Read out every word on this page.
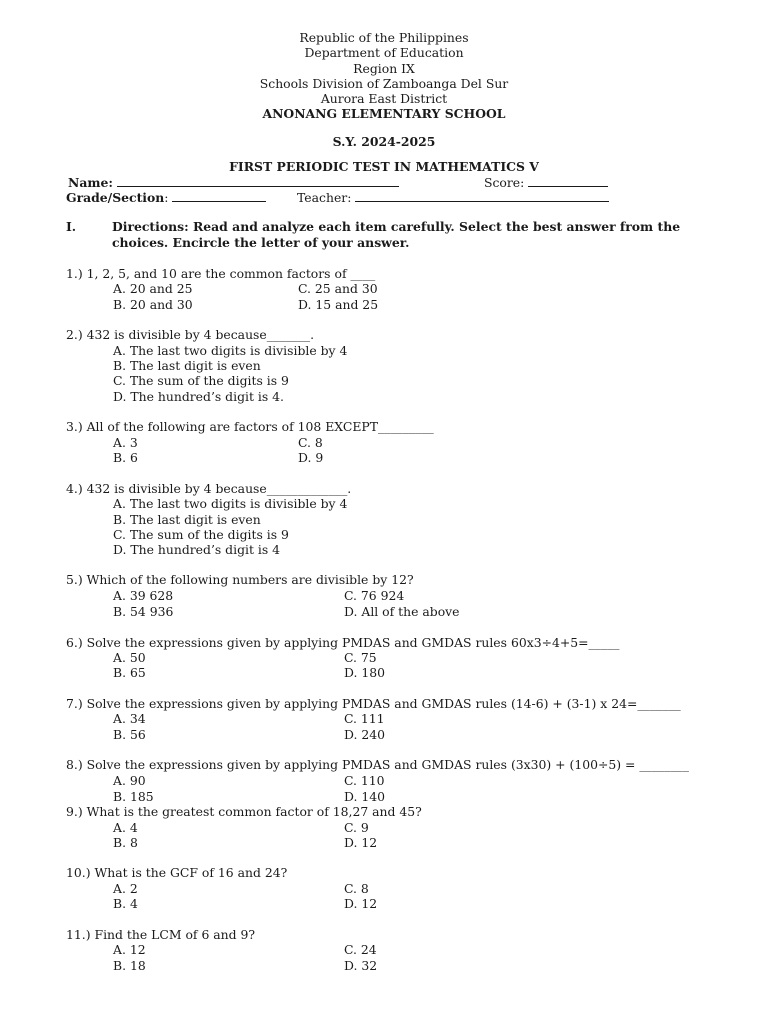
Republic of the Philippines
Department of Education
Region IX
Schools Division of Zamboanga Del Sur
Aurora East District
ANONANG ELEMENTARY SCHOOL
S.Y. 2024-2025
FIRST PERIODIC TEST IN MATHEMATICS V
Name:	Score:
Grade/Section:	Teacher:
I.	Directions: Read and analyze each item carefully. Select the best answer from the choices. Encircle the letter of your answer.
1.) 1, 2, 5, and 10 are the common factors of ____
A. 20 and 25	C. 25 and 30
B. 20 and 30	D. 15 and 25
2.) 432 is divisible by 4 because_______.
A. The last two digits is divisible by 4
B. The last digit is even
C. The sum of the digits is 9
D. The hundred’s digit is 4.
3.) All of the following are factors of 108 EXCEPT_________
A. 3	C. 8
B. 6	D. 9
4.) 432 is divisible by 4 because_____________.
A. The last two digits is divisible by 4
B. The last digit is even
C. The sum of the digits is 9
D. The hundred’s digit is 4
5.) Which of the following numbers are divisible by 12?
A. 39 628	C. 76 924
B. 54 936	D. All of the above
6.) Solve the expressions given by applying PMDAS and GMDAS rules 60x3÷4+5=_____
A. 50	C. 75
B. 65	D. 180
7.) Solve the expressions given by applying PMDAS and GMDAS rules (14-6) + (3-1) x 24=_______
A. 34	C. 111
B. 56	D. 240
8.) Solve the expressions given by applying PMDAS and GMDAS rules (3x30) + (100÷5) = ________
A. 90	C. 110
B. 185	D. 140
9.) What is the greatest common factor of 18,27 and 45?
A. 4	C. 9
B. 8	D. 12
10.) What is the GCF of 16 and 24?
A. 2	C. 8
B. 4	D. 12
11.) Find the LCM of 6 and 9?
A. 12	C. 24
B. 18	D. 32
